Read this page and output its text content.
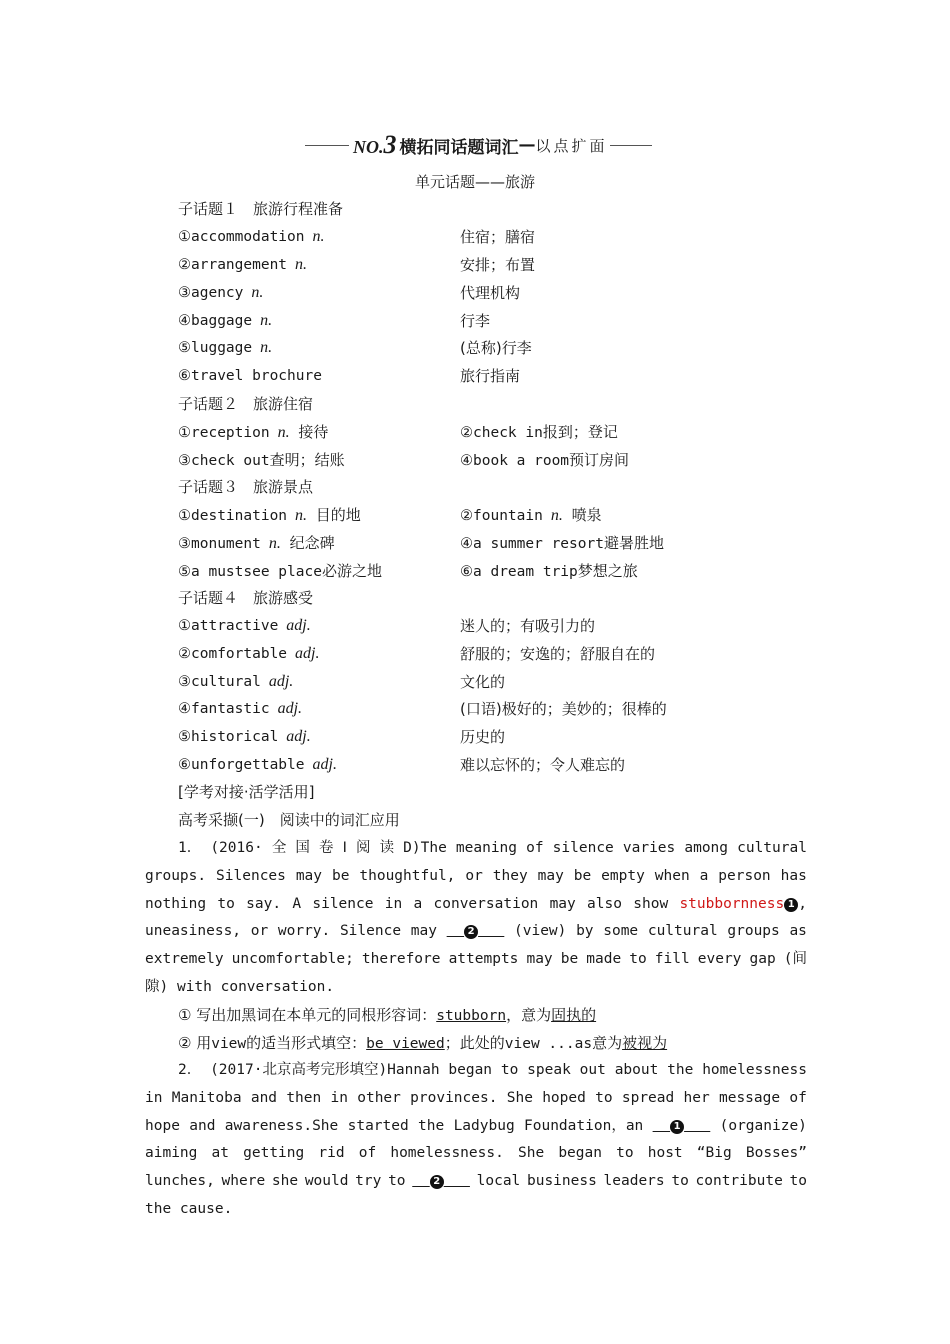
NO.3 横拓同话题词汇 — 以点扩面
单元话题——旅游
子话题１　旅游行程准备
①accommodation n.	住宿；膳宿
②arrangement n.	安排；布置
③agency n.	代理机构
④baggage n.	行李
⑤luggage n.	(总称)行李
⑥travel brochure	旅行指南
子话题２　旅游住宿
①reception n. 接待	②check in报到；登记
③check out查明；结账	④book a room预订房间
子话题３　旅游景点
①destination n. 目的地	②fountain n. 喷泉
③monument n. 纪念碑	④a summer resort避暑胜地
⑤a mustsee place必游之地	⑥a dream trip梦想之旅
子话题４　旅游感受
①attractive adj.	迷人的；有吸引力的
②comfortable adj.	舒服的；安逸的；舒服自在的
③cultural adj.	文化的
④fantastic adj.	(口语)极好的；美妙的；很棒的
⑤historical adj.	历史的
⑥unforgettable adj.	难以忘怀的；令人难忘的
[学考对接·活学活用]
高考采撷(一)　阅读中的词汇应用
1． (2016· 全 国 卷 Ⅰ 阅 读 D)The meaning of silence varies among cultural
groups. Silences may be thoughtful, or they may be empty when a person has
nothing to say. A silence in a conversation may also show stubbornness 1 ,
uneasiness, or worry. Silence may	2	(view) by some cultural groups as
extremely uncomfortable; therefore attempts may be made to fill every gap (间
隙) with conversation.
① 写出加黑词在本单元的同根形容词：stubborn，意为固执的
② 用view的适当形式填空：be viewed；此处的view ...as意为被视为
2． (2017·北京高考完形填空)Hannah began to speak out about the homelessness
in Manitoba and then in other provinces. She hoped to spread her message of
hope and awareness.She started the Ladybug Foundation，an	1	(organize)
aiming at getting rid of homelessness. She began to host “Big Bosses”
lunches, where she would try to	2	local business leaders to contribute to
the cause.
